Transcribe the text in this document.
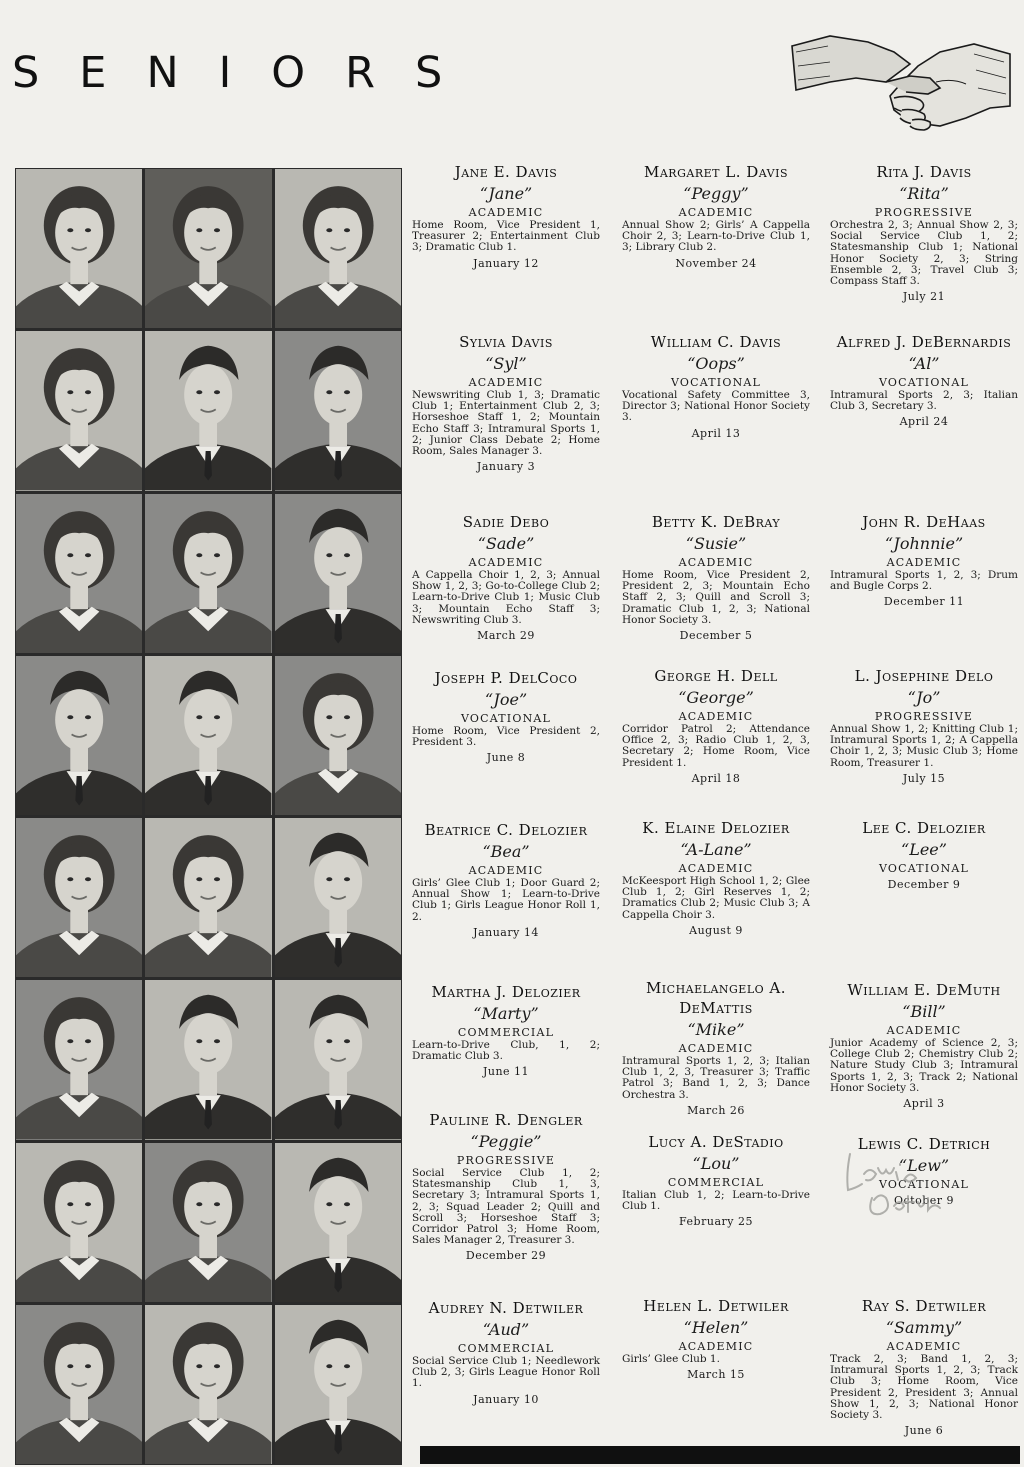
SENIORS
Jane E. Davis
“Jane”
ACADEMIC
Home Room, Vice President 1, Treasurer 2; Entertainment Club 3; Dramatic Club 1.
January 12
Margaret L. Davis
“Peggy”
ACADEMIC
Annual Show 2; Girls’ A Cappella Choir 2, 3; Learn-to-Drive Club 1, 3; Library Club 2.
November 24
Rita J. Davis
“Rita”
PROGRESSIVE
Orchestra 2, 3; Annual Show 2, 3; Social Service Club 1, 2; Statesmanship Club 1; National Honor Society 2, 3; String Ensemble 2, 3; Travel Club 3; Compass Staff 3.
July 21
Sylvia Davis
“Syl”
ACADEMIC
Newswriting Club 1, 3; Dramatic Club 1; Entertainment Club 2, 3; Horseshoe Staff 1, 2; Mountain Echo Staff 3; Intramural Sports 1, 2; Junior Class Debate 2; Home Room, Sales Manager 3.
January 3
William C. Davis
“Oops”
VOCATIONAL
Vocational Safety Committee 3, Director 3; National Honor Society 3.
April 13
Alfred J. DeBernardis
“Al”
VOCATIONAL
Intramural Sports 2, 3; Italian Club 3, Secretary 3.
April 24
Sadie Debo
“Sade”
ACADEMIC
A Cappella Choir 1, 2, 3; Annual Show 1, 2, 3; Go-to-College Club 2; Learn-to-Drive Club 1; Music Club 3; Mountain Echo Staff 3; Newswriting Club 3.
March 29
Betty K. DeBray
“Susie”
ACADEMIC
Home Room, Vice President 2, President 2, 3; Mountain Echo Staff 2, 3; Quill and Scroll 3; Dramatic Club 1, 2, 3; National Honor Society 3.
December 5
John R. DeHaas
“Johnnie”
ACADEMIC
Intramural Sports 1, 2, 3; Drum and Bugle Corps 2.
December 11
Joseph P. DelCoco
“Joe”
VOCATIONAL
Home Room, Vice President 2, President 3.
June 8
George H. Dell
“George”
ACADEMIC
Corridor Patrol 2; Attendance Office 2, 3; Radio Club 1, 2, 3, Secretary 2; Home Room, Vice President 1.
April 18
L. Josephine Delo
“Jo”
PROGRESSIVE
Annual Show 1, 2; Knitting Club 1; Intramural Sports 1, 2; A Cappella Choir 1, 2, 3; Music Club 3; Home Room, Treasurer 1.
July 15
Beatrice C. Delozier
“Bea”
ACADEMIC
Girls’ Glee Club 1; Door Guard 2; Annual Show 1; Learn-to-Drive Club 1; Girls League Honor Roll 1, 2.
January 14
K. Elaine Delozier
“A-Lane”
ACADEMIC
McKeesport High School 1, 2; Glee Club 1, 2; Girl Reserves 1, 2; Dramatics Club 2; Music Club 3; A Cappella Choir 3.
August 9
Lee C. Delozier
“Lee”
VOCATIONAL
December 9
Martha J. Delozier
“Marty”
COMMERCIAL
Learn-to-Drive Club, 1, 2; Dramatic Club 3.
June 11
Michaelangelo A. DeMattis
“Mike”
ACADEMIC
Intramural Sports 1, 2, 3; Italian Club 1, 2, 3, Treasurer 3; Traffic Patrol 3; Band 1, 2, 3; Dance Orchestra 3.
March 26
William E. DeMuth
“Bill”
ACADEMIC
Junior Academy of Science 2, 3; College Club 2; Chemistry Club 2; Nature Study Club 3; Intramural Sports 1, 2, 3; Track 2; National Honor Society 3.
April 3
Pauline R. Dengler
“Peggie”
PROGRESSIVE
Social Service Club 1, 2; Statesmanship Club 1, 3, Secretary 3; Intramural Sports 1, 2, 3; Squad Leader 2; Quill and Scroll 3; Horseshoe Staff 3; Corridor Patrol 3; Home Room, Sales Manager 2, Treasurer 3.
December 29
Lucy A. DeStadio
“Lou”
COMMERCIAL
Italian Club 1, 2; Learn-to-Drive Club 1.
February 25
Lewis C. Detrich
“Lew”
VOCATIONAL
October 9
Audrey N. Detwiler
“Aud”
COMMERCIAL
Social Service Club 1; Needlework Club 2, 3; Girls League Honor Roll 1.
January 10
Helen L. Detwiler
“Helen”
ACADEMIC
Girls’ Glee Club 1.
March 15
Ray S. Detwiler
“Sammy”
ACADEMIC
Track 2, 3; Band 1, 2, 3; Intramural Sports 1, 2, 3; Track Club 3; Home Room, Vice President 2, President 3; Annual Show 1, 2, 3; National Honor Society 3.
June 6
